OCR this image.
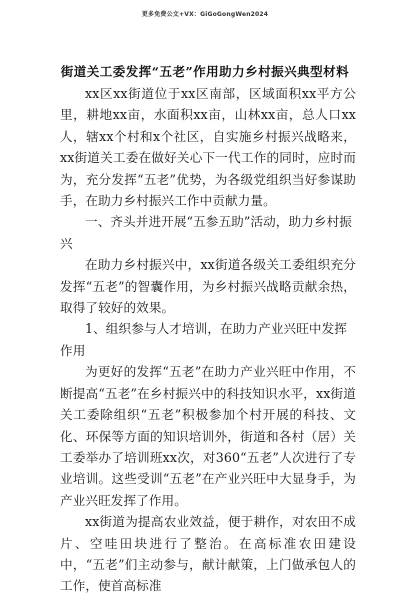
更多免费公文+VX：GiGoGongWen2024
街道关工委发挥“五老”作用助力乡村振兴典型材料

xx区xx街道位于xx区南部，区域面积xx平方公里，耕地xx亩，水面积xx亩，山林xx亩，总人口xx人，辖xx个村和x个社区，自实施乡村振兴战略来，xx街道关工委在做好关心下一代工作的同时，应时而为，充分发挥“五老”优势，为各级党组织当好参谋助手，在助力乡村振兴工作中贡献力量。

一、齐头并进开展“五参五助”活动，助力乡村振兴

在助力乡村振兴中，xx街道各级关工委组织充分发挥“五老”的智囊作用，为乡村振兴战略贡献余热，取得了较好的效果。

1、组织参与人才培训，在助力产业兴旺中发挥作用

为更好的发挥“五老”在助力产业兴旺中作用，不断提高“五老”在乡村振兴中的科技知识水平，xx街道关工委除组织“五老”积极参加个村开展的科技、文化、环保等方面的知识培训外，街道和各村（居）关工委举办了培训班xx次，对360“五老”人次进行了专业培训。这些受训“五老”在产业兴旺中大显身手，为产业兴旺发挥了作用。

xx街道为提高农业效益，便于耕作，对农田不成片、空哇田块进行了整治。在高标准农田建设中，“五老”们主动参与，献计献策，上门做承包人的工作，使首高标准
